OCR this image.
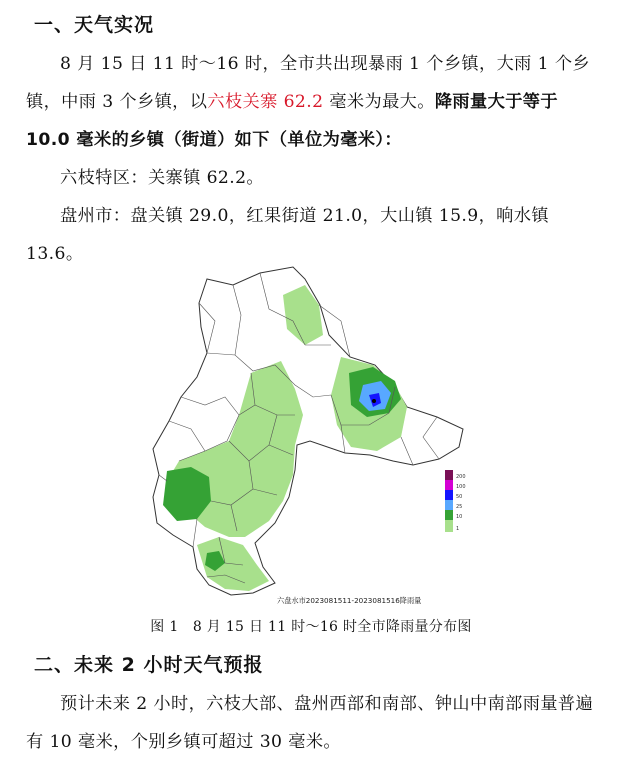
一、天气实况

8 月 15 日 11 时～16 时，全市共出现暴雨 1 个乡镇，大雨 1 个乡镇，中雨 3 个乡镇，以六枝关寨 62.2 毫米为最大。降雨量大于等于 10.0 毫米的乡镇（街道）如下（单位为毫米）：

六枝特区：关寨镇 62.2。

盘州市：盘关镇 29.0，红果街道 21.0，大山镇 15.9，响水镇 13.6。

200
100
50
25
10
1
六盘水市2023081511-2023081516降雨量
图 1　8 月 15 日 11 时～16 时全市降雨量分布图
二、未来 2 小时天气预报

预计未来 2 小时，六枝大部、盘州西部和南部、钟山中南部雨量普遍有 10 毫米，个别乡镇可超过 30 毫米。
